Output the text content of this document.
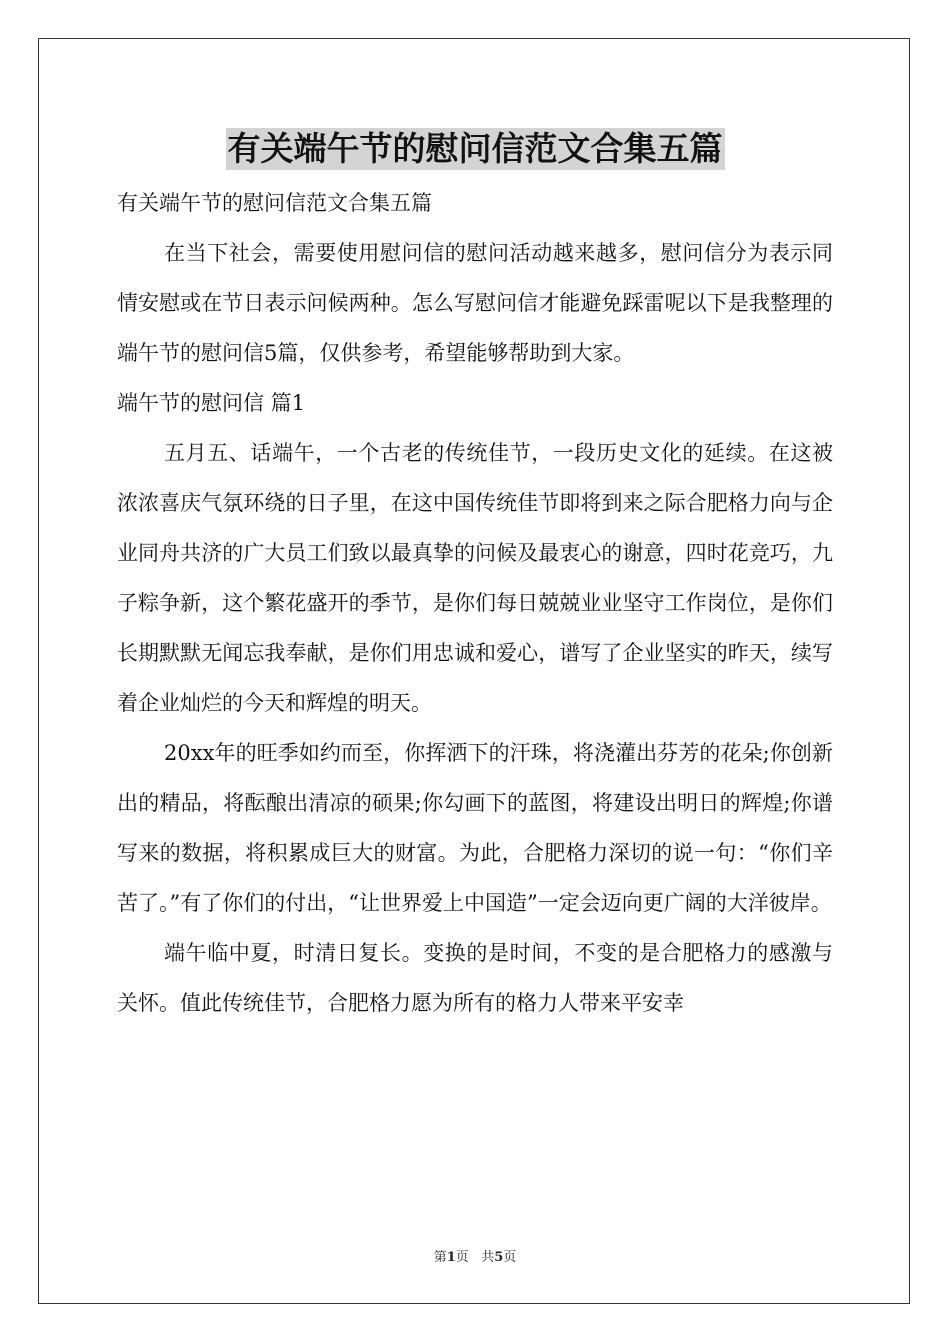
有关端午节的慰问信范文合集五篇

有关端午节的慰问信范文合集五篇

在当下社会，需要使用慰问信的慰问活动越来越多，慰问信分为表示同情安慰或在节日表示问候两种。怎么写慰问信才能避免踩雷呢以下是我整理的端午节的慰问信5篇，仅供参考，希望能够帮助到大家。

端午节的慰问信 篇1

五月五、话端午，一个古老的传统佳节，一段历史文化的延续。在这被浓浓喜庆气氛环绕的日子里，在这中国传统佳节即将到来之际合肥格力向与企业同舟共济的广大员工们致以最真挚的问候及最衷心的谢意，四时花竞巧，九子粽争新，这个繁花盛开的季节，是你们每日兢兢业业坚守工作岗位，是你们长期默默无闻忘我奉献，是你们用忠诚和爱心，谱写了企业坚实的昨天，续写着企业灿烂的今天和辉煌的明天。

20xx年的旺季如约而至，你挥洒下的汗珠，将浇灌出芬芳的花朵;你创新出的精品，将酝酿出清凉的硕果;你勾画下的蓝图，将建设出明日的辉煌;你谱写来的数据，将积累成巨大的财富。为此，合肥格力深切的说一句：“你们辛苦了。”有了你们的付出，“让世界爱上中国造”一定会迈向更广阔的大洋彼岸。

端午临中夏，时清日复长。变换的是时间，不变的是合肥格力的感激与关怀。值此传统佳节，合肥格力愿为所有的格力人带来平安幸

第1页 共5页
